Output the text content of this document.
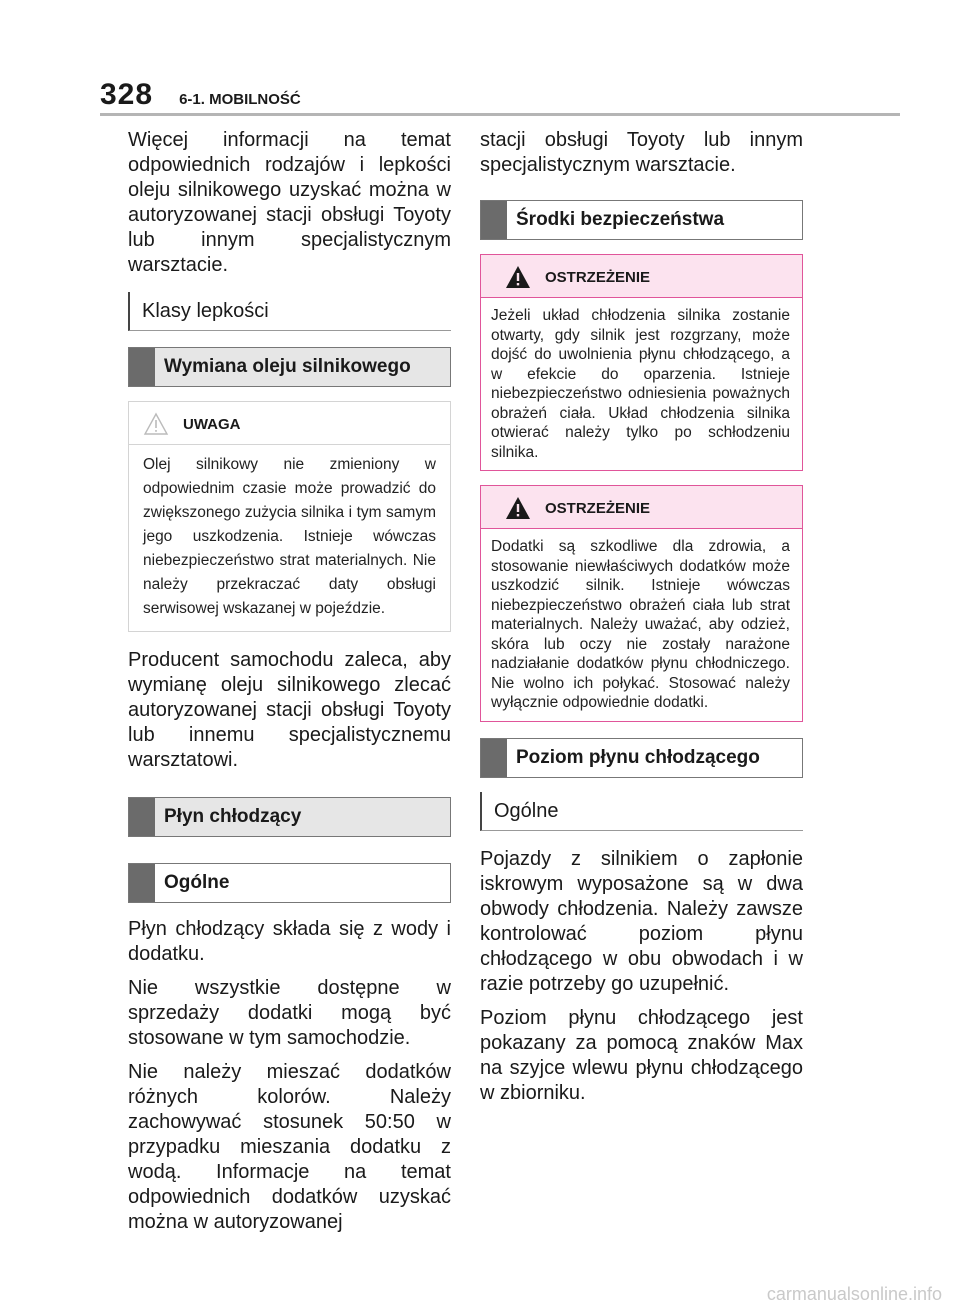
328 6-1. MOBILNOŚĆ

Więcej informacji na temat odpowiednich rodzajów i lepkości oleju silnikowego uzyskać można w autoryzowanej stacji obsługi Toyoty lub innym specjalistycznym warsztacie.

Klasy lepkości
Wymiana oleju silnikowego
UWAGA
Olej silnikowy nie zmieniony w odpowiednim czasie może prowadzić do zwiększonego zużycia silnika i tym samym jego uszkodzenia. Istnieje wówczas niebezpieczeństwo strat materialnych. Nie należy przekraczać daty obsługi serwisowej wskazanej w pojeździe.

Producent samochodu zaleca, aby wymianę oleju silnikowego zlecać autoryzowanej stacji obsługi Toyoty lub innemu specjalistycznemu warsztatowi.

Płyn chłodzący
Ogólne

Płyn chłodzący składa się z wody i dodatku.

Nie wszystkie dostępne w sprzedaży dodatki mogą być stosowane w tym samochodzie.

Nie należy mieszać dodatków różnych kolorów. Należy zachowywać stosunek 50:50 w przypadku mieszania dodatku z wodą. Informacje na temat odpowiednich dodatków uzyskać można w autoryzowanej

stacji obsługi Toyoty lub innym specjalistycznym warsztacie.

Środki bezpieczeństwa
OSTRZEŻENIE
Jeżeli układ chłodzenia silnika zostanie otwarty, gdy silnik jest rozgrzany, może dojść do uwolnienia płynu chłodzącego, a w efekcie do oparzenia. Istnieje niebezpieczeństwo odniesienia poważnych obrażeń ciała. Układ chłodzenia silnika otwierać należy tylko po schłodzeniu silnika.
OSTRZEŻENIE
Dodatki są szkodliwe dla zdrowia, a stosowanie niewłaściwych dodatków może uszkodzić silnik. Istnieje wówczas niebezpieczeństwo obrażeń ciała lub strat materialnych. Należy uważać, aby odzież, skóra lub oczy nie zostały narażone nadziałanie dodatków płynu chłodniczego. Nie wolno ich połykać. Stosować należy wyłącznie odpowiednie dodatki.
Poziom płynu chłodzącego
Ogólne

Pojazdy z silnikiem o zapłonie iskrowym wyposażone są w dwa obwody chłodzenia. Należy zawsze kontrolować poziom płynu chłodzącego w obu obwodach i w razie potrzeby go uzupełnić.

Poziom płynu chłodzącego jest pokazany za pomocą znaków Max na szyjce wlewu płynu chłodzącego w zbiorniku.

carmanualsonline.info
